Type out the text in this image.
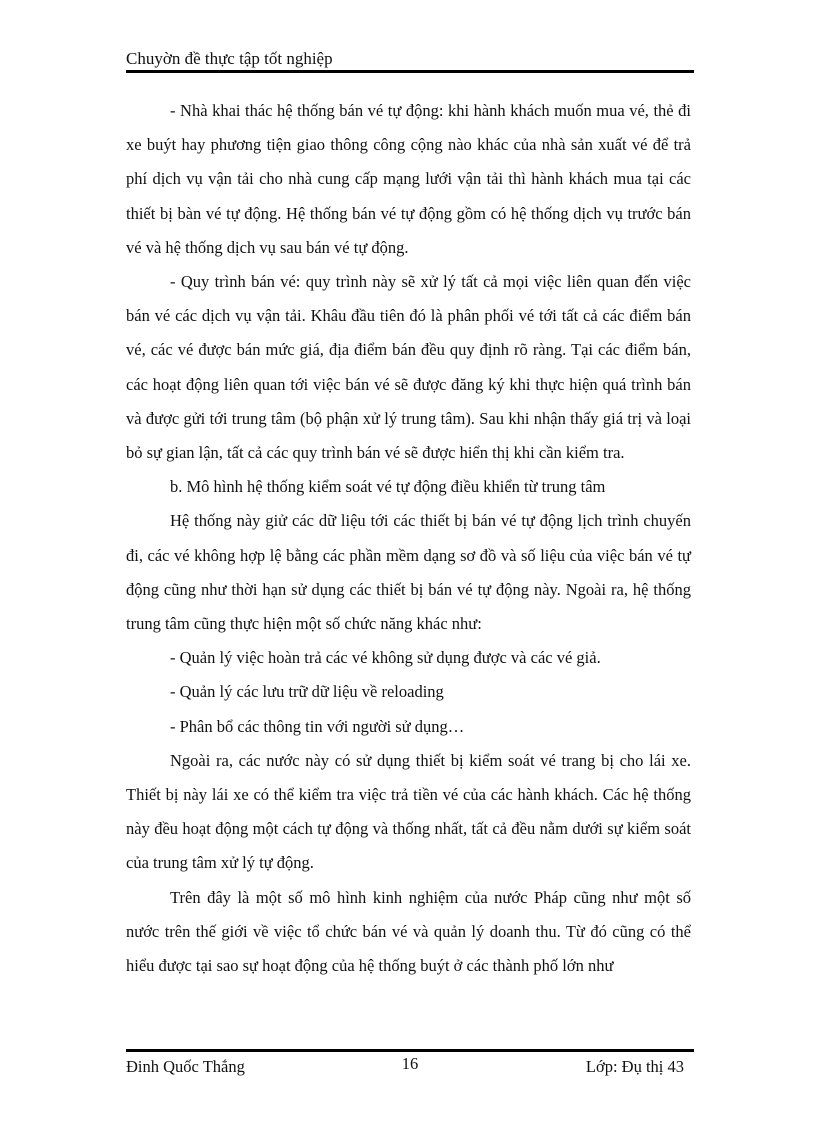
Chuyờn đề thực tập tốt nghiệp

- Nhà khai thác hệ thống bán vé tự động: khi hành khách muốn mua vé, thẻ đi xe buýt hay phương tiện giao thông công cộng nào khác của nhà sản xuất vé để trả phí dịch vụ vận tải cho nhà cung cấp mạng lưới vận tải thì hành khách mua tại các thiết bị bàn vé tự động. Hệ thống bán vé tự động gồm có hệ thống dịch vụ trước bán vé và hệ thống dịch vụ sau bán vé tự động.

- Quy trình bán vé: quy trình này sẽ xử lý tất cả mọi việc liên quan đến việc bán vé các dịch vụ vận tải. Khâu đầu tiên đó là phân phối vé tới tất cả các điểm bán vé, các vé được bán mức giá, địa điểm bán đều quy định rõ ràng. Tại các điểm bán, các hoạt động liên quan tới việc bán vé sẽ được đăng ký khi thực hiện quá trình bán và được gửi tới trung tâm (bộ phận xử lý trung tâm). Sau khi nhận thấy giá trị và loại bỏ sự gian lận, tất cả các quy trình bán vé sẽ được hiển thị khi cần kiểm tra.

b. Mô hình hệ thống kiểm soát vé tự động điều khiển từ trung tâm

Hệ thống này giử các dữ liệu tới các thiết bị bán vé tự động lịch trình chuyến đi, các vé không hợp lệ bằng các phần mềm dạng sơ đồ và số liệu của việc bán vé tự động cũng như thời hạn sử dụng các thiết bị bán vé tự động này. Ngoài ra, hệ thống trung tâm cũng thực hiện một số chức năng khác như:

- Quản lý việc hoàn trả các vé không sử dụng được và các vé giả.

- Quản lý các lưu trữ dữ liệu về reloading

- Phân bổ các thông tin với người sử dụng…

Ngoài ra, các nước này có sử dụng thiết bị kiểm soát vé trang bị cho lái xe. Thiết bị này lái xe có thể kiểm tra việc trả tiền vé của các hành khách. Các hệ thống này đều hoạt động một cách tự động và thống nhất, tất cả đều nằm dưới sự kiểm soát của trung tâm xử lý tự động.

Trên đây là một số mô hình kinh nghiệm của nước Pháp cũng như một số nước trên thế giới về việc tổ chức bán vé và quản lý doanh thu. Từ đó cũng có thể hiểu được tại sao sự hoạt động của hệ thống buýt ở các thành phố lớn như

Đinh Quốc Thắng	16	Lớp: Đụ thị 43
